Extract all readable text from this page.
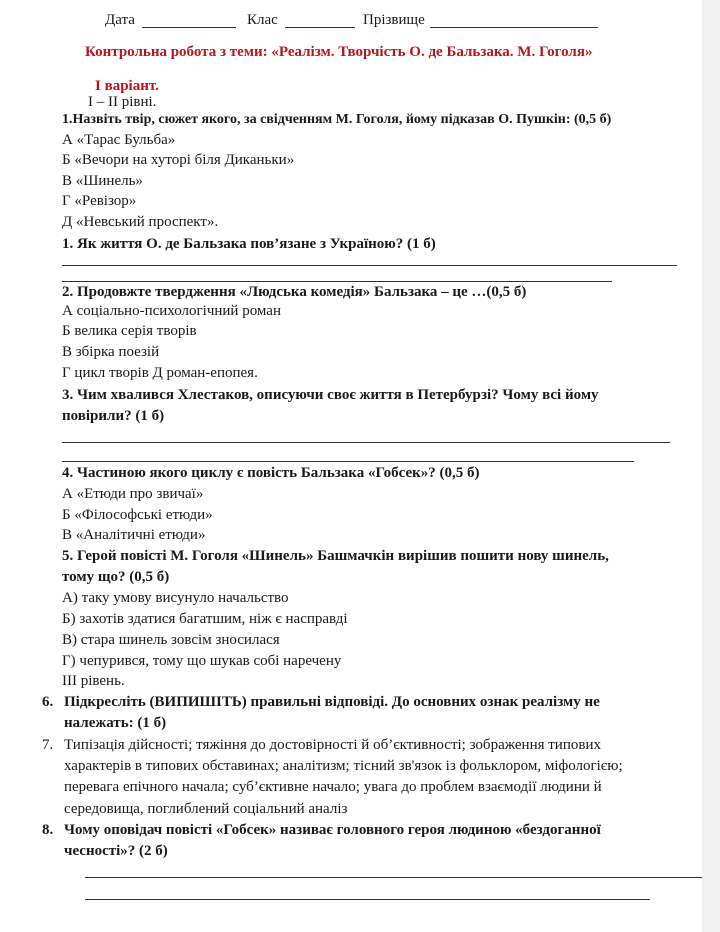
Дата	Клас	Прізвище
Контрольна робота з теми: «Реалізм. Творчість О. де Бальзака. М. Гоголя»
І варіант.
І – ІІ рівні.
1.Назвіть твір, сюжет якого, за свідченням М. Гоголя, йому підказав О. Пушкін: (0,5 б)
А «Тарас Бульба»
Б «Вечори на хуторі біля Диканьки»
В «Шинель»
Г «Ревізор»
Д «Невський проспект».
1. Як життя О. де Бальзака пов’язане з Україною? (1 б)
2. Продовжте твердження «Людська комедія» Бальзака – це …(0,5 б)
А соціально-психологічний роман
Б велика серія творів
В збірка поезій
Г цикл творів Д роман-епопея.
3. Чим хвалився Хлестаков, описуючи своє життя в Петербурзі? Чому всі йому
повірили? (1 б)
4. Частиною якого циклу є повість Бальзака «Гобсек»? (0,5 б)
А «Етюди про звичаї»
Б «Філософські етюди»
В «Аналітичні етюди»
5. Герой повісті М. Гоголя «Шинель» Башмачкін вирішив пошити нову шинель,
тому що? (0,5 б)
А) таку умову висунуло начальство
Б) захотів здатися багатшим, ніж є насправді
В) стара шинель зовсім зносилася
Г) чепурився, тому що шукав собі наречену
ІІІ рівень.
6. Підкресліть (ВИПИШІТЬ) правильні відповіді. До основних ознак реалізму не
належать: (1 б)
7. Типізація дійсності; тяжіння до достовірності й об’єктивності; зображення типових
характерів в типових обставинах; аналітизм; тісний зв'язок із фольклором, міфологією;
перевага епічного начала; суб’єктивне начало; увага до проблем взаємодії людини й
середовища, поглиблений соціальний аналіз
8. Чому оповідач повісті «Гобсек» називає головного героя людиною «бездоганної
чесності»? (2 б)
